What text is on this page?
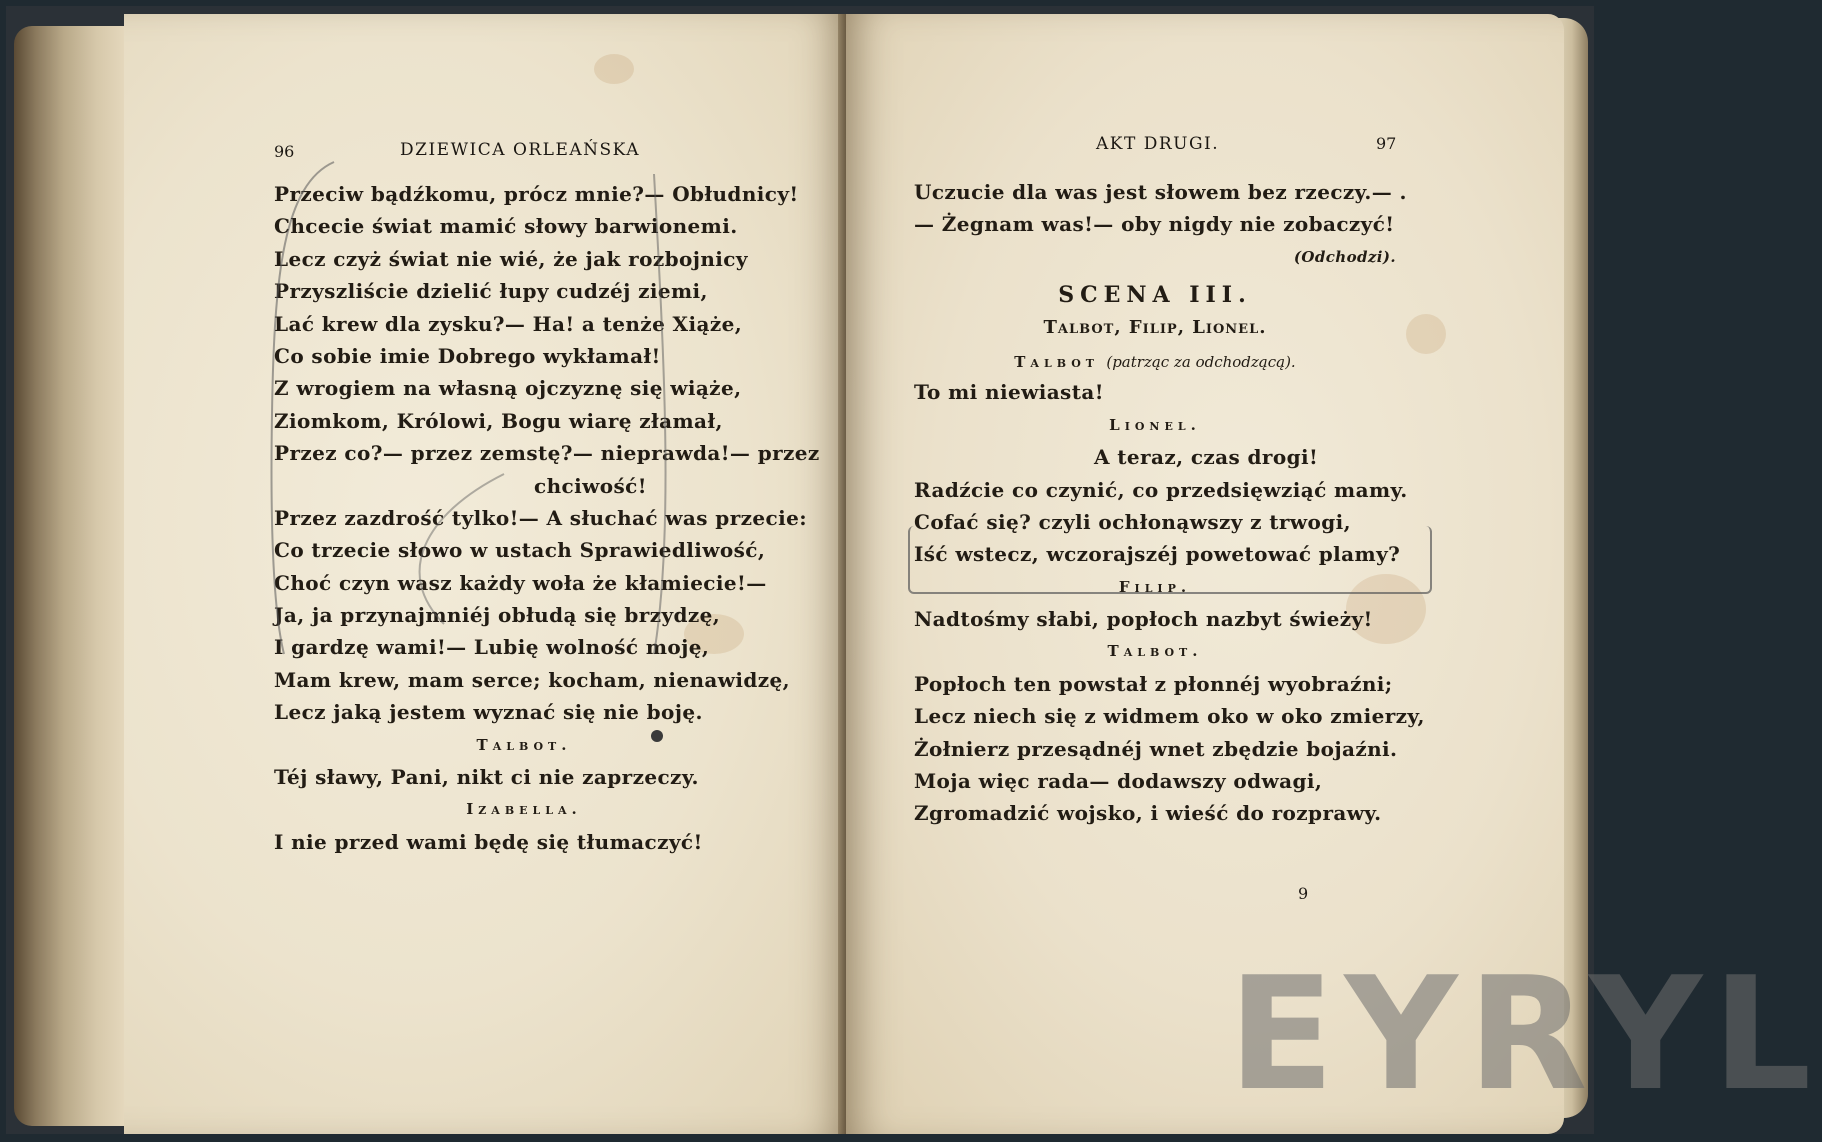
96	DZIEWICA ORLEAŃSKA
Przeciw bądźkomu, prócz mnie?— Obłudnicy!
Chcecie świat mamić słowy barwionemi.
Lecz czyż świat nie wié, że jak rozbojnicy
Przyszliście dzielić łupy cudzéj ziemi,
Lać krew dla zysku?— Ha! a tenże Xiąże,
Co sobie imie Dobrego wykłamał!
Z wrogiem na własną ojczyznę się wiąże,
Ziomkom, Królowi, Bogu wiarę złamał,
Przez co?— przez zemstę?— nieprawda!— przez
chciwość!
Przez zazdrość tylko!— A słuchać was przecie:
Co trzecie słowo w ustach Sprawiedliwość,
Choć czyn wasz każdy woła że kłamiecie!—
Ja, ja przynajmniéj obłudą się brzydzę,
I gardzę wami!— Lubię wolność moję,
Mam krew, mam serce; kocham, nienawidzę,
Lecz jaką jestem wyznać się nie boję.
Talbot.
Téj sławy, Pani, nikt ci nie zaprzeczy.
Izabella.
I nie przed wami będę się tłumaczyć!
AKT DRUGI.	97
Uczucie dla was jest słowem bez rzeczy.— .
— Żegnam was!— oby nigdy nie zobaczyć!
(Odchodzi).
SCENA III.
Talbot, Filip, Lionel.
Talbot (patrząc za odchodzącą).
To mi niewiasta!
Lionel.
A teraz, czas drogi!
Radźcie co czynić, co przedsięwziąć mamy.
Cofać się? czyli ochłonąwszy z trwogi,
Iść wstecz, wczorajszéj powetować plamy?
Filip.
Nadtośmy słabi, popłoch nazbyt świeży!
Talbot.
Popłoch ten powstał z płonnéj wyobraźni;
Lecz niech się z widmem oko w oko zmierzy,
Żołnierz przesądnéj wnet zbędzie bojaźni.
Moja więc rada— dodawszy odwagi,
Zgromadzić wojsko, i wieść do rozprawy.
9
EYRYL
